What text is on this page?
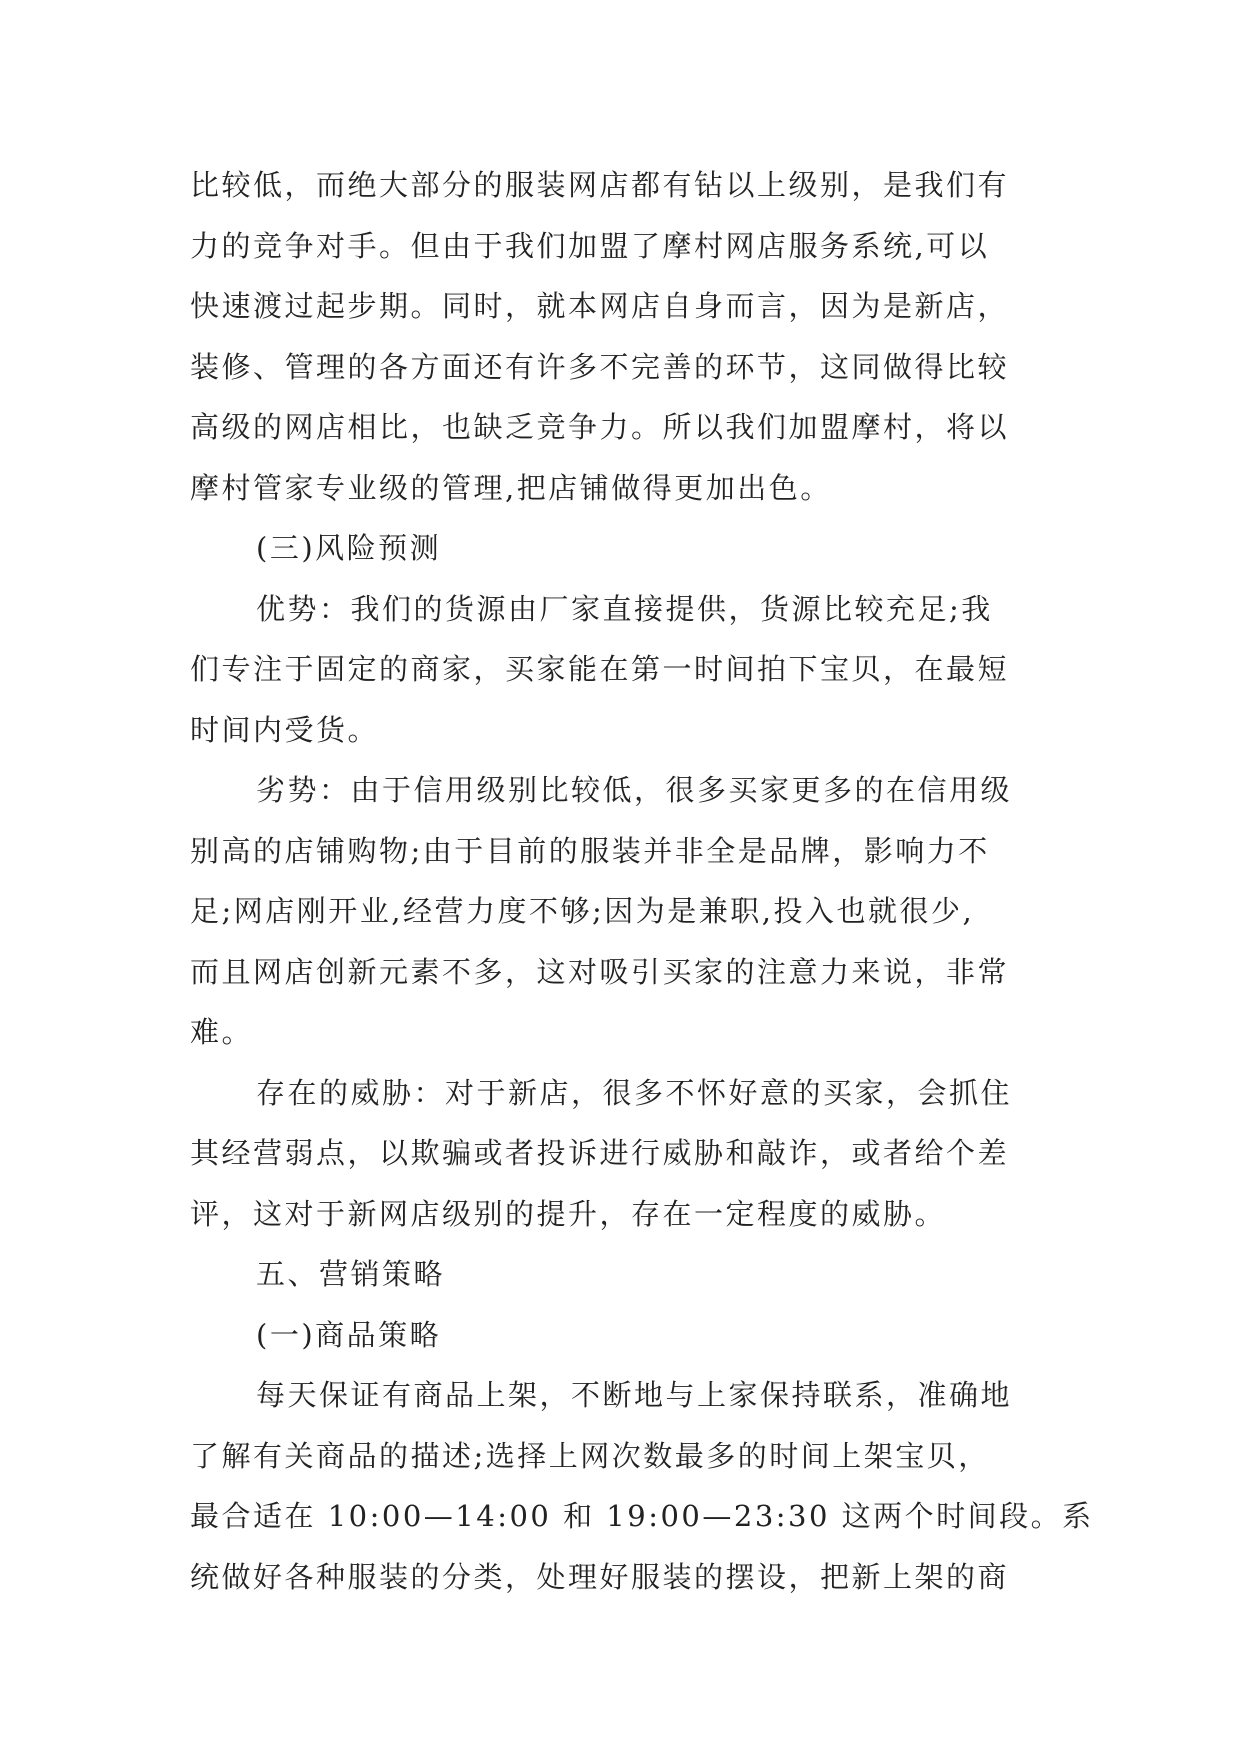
比较低，而绝大部分的服装网店都有钻以上级别，是我们有
力的竞争对手。但由于我们加盟了摩村网店服务系统,可以
快速渡过起步期。同时，就本网店自身而言，因为是新店，
装修、管理的各方面还有许多不完善的环节，这同做得比较
高级的网店相比，也缺乏竞争力。所以我们加盟摩村，将以
摩村管家专业级的管理,把店铺做得更加出色。
(三)风险预测
优势：我们的货源由厂家直接提供，货源比较充足;我
们专注于固定的商家，买家能在第一时间拍下宝贝，在最短
时间内受货。
劣势：由于信用级别比较低，很多买家更多的在信用级
别高的店铺购物;由于目前的服装并非全是品牌，影响力不
足;网店刚开业,经营力度不够;因为是兼职,投入也就很少,
而且网店创新元素不多，这对吸引买家的注意力来说，非常
难。
存在的威胁：对于新店，很多不怀好意的买家，会抓住
其经营弱点，以欺骗或者投诉进行威胁和敲诈，或者给个差
评，这对于新网店级别的提升，存在一定程度的威胁。
五、营销策略
(一)商品策略
每天保证有商品上架，不断地与上家保持联系，准确地
了解有关商品的描述;选择上网次数最多的时间上架宝贝，
最合适在 10:00—14:00 和 19:00—23:30 这两个时间段。系
统做好各种服装的分类，处理好服装的摆设，把新上架的商
